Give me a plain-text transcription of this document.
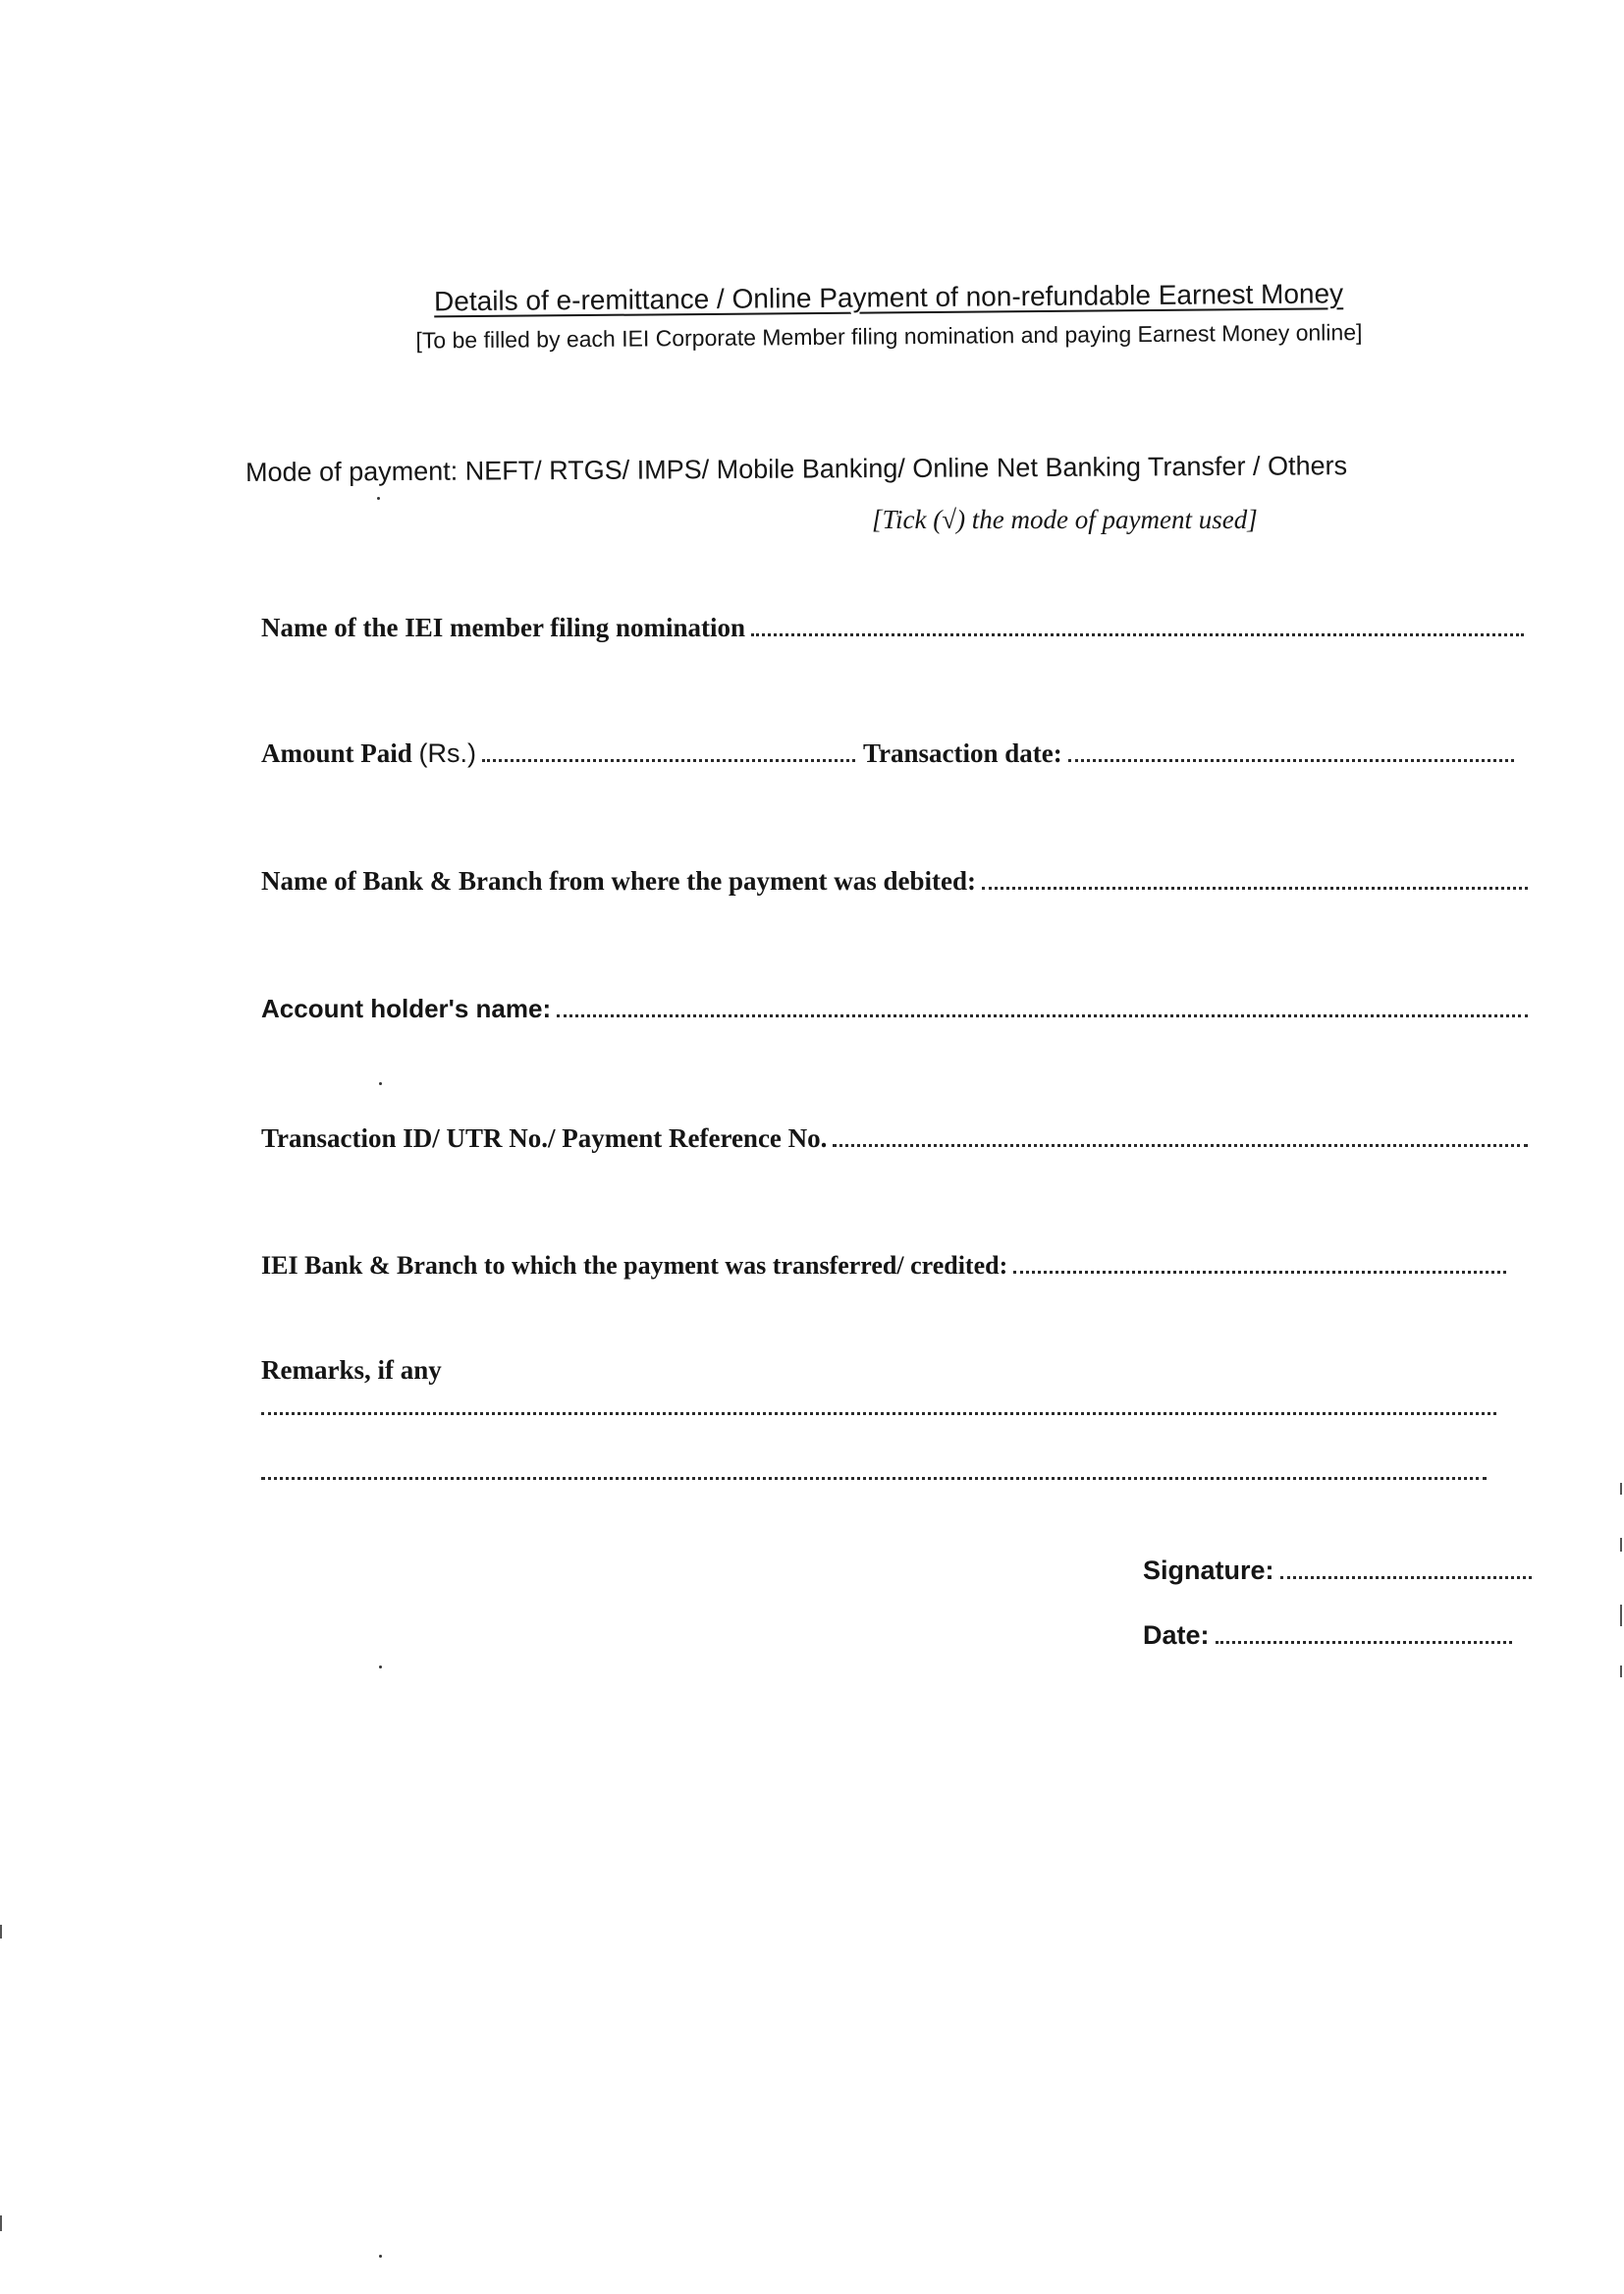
Details of e-remittance / Online Payment of non-refundable Earnest Money
[To be filled by each IEI Corporate Member filing nomination and paying Earnest Money online]
Mode of payment: NEFT/ RTGS/ IMPS/ Mobile Banking/ Online Net Banking Transfer / Others
[Tick (√) the mode of payment used]
Name of the IEI member filing nomination
Amount Paid (Rs.)	Transaction date:
Name of Bank & Branch from where the payment was debited:
Account holder's name:
Transaction ID/ UTR No./ Payment Reference No.
IEI Bank & Branch to which the payment was transferred/ credited:
Remarks, if any
Signature:
Date:
